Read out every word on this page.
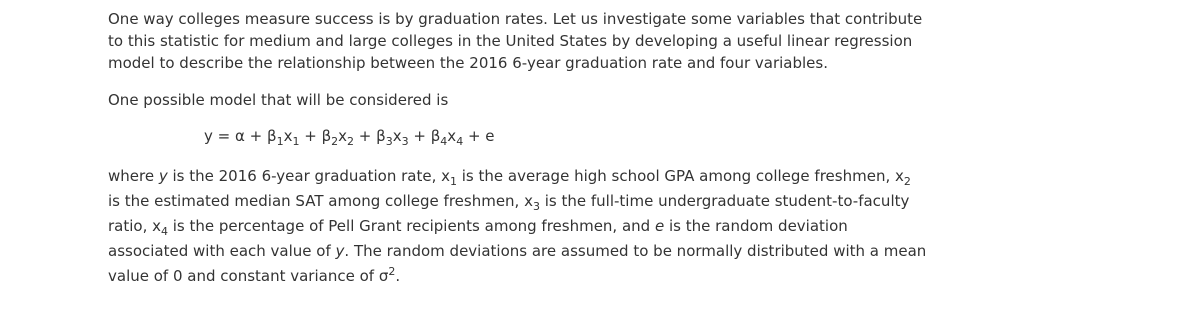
One way colleges measure success is by graduation rates. Let us investigate some variables that contribute
to this statistic for medium and large colleges in the United States by developing a useful linear regression
model to describe the relationship between the 2016 6-year graduation rate and four variables.

One possible model that will be considered is

$y = \alpha + \beta_1x_1 + \beta_2x_2 + \beta_3x_3 + \beta_4x_4 + e$

where y is the 2016 6-year graduation rate, $x_1$ is the average high school GPA among college freshmen, $x_2$
is the estimated median SAT among college freshmen, $x_3$ is the full-time undergraduate student-to-faculty
ratio, $x_4$ is the percentage of Pell Grant recipients among freshmen, and e is the random deviation
associated with each value of y. The random deviations are assumed to be normally distributed with a mean
value of 0 and constant variance of $\sigma^2$.
